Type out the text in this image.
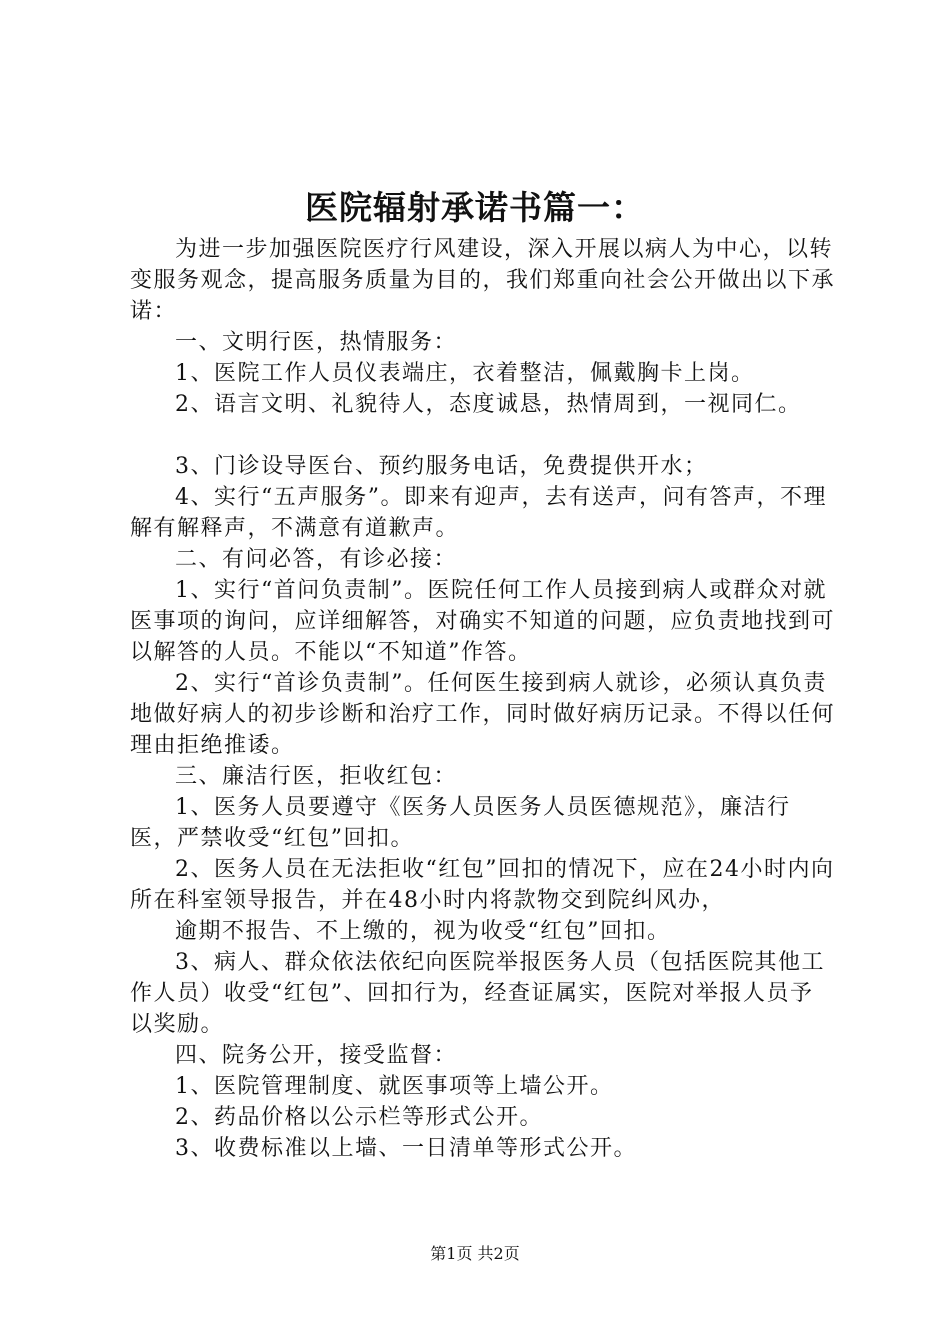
医院辐射承诺书篇一：

为进一步加强医院医疗行风建设，深入开展以病人为中心，以转变服务观念，提高服务质量为目的，我们郑重向社会公开做出以下承诺：

一、文明行医，热情服务：

1、医院工作人员仪表端庄，衣着整洁，佩戴胸卡上岗。

2、语言文明、礼貌待人，态度诚恳，热情周到，一视同仁。

3、门诊设导医台、预约服务电话，免费提供开水；

4、实行“五声服务”。即来有迎声，去有送声，问有答声，不理解有解释声，不满意有道歉声。

二、有问必答，有诊必接：

1、实行“首问负责制”。医院任何工作人员接到病人或群众对就医事项的询问，应详细解答，对确实不知道的问题，应负责地找到可以解答的人员。不能以“不知道”作答。

2、实行“首诊负责制”。任何医生接到病人就诊，必须认真负责地做好病人的初步诊断和治疗工作，同时做好病历记录。不得以任何理由拒绝推诿。

三、廉洁行医，拒收红包：

1、医务人员要遵守《医务人员医务人员医德规范》，廉洁行医，严禁收受“红包”回扣。

2、医务人员在无法拒收“红包”回扣的情况下，应在24小时内向所在科室领导报告，并在48小时内将款物交到院纠风办，

逾期不报告、不上缴的，视为收受“红包”回扣。

3、病人、群众依法依纪向医院举报医务人员（包括医院其他工作人员）收受“红包”、回扣行为，经查证属实，医院对举报人员予以奖励。

四、院务公开，接受监督：

1、医院管理制度、就医事项等上墙公开。

2、药品价格以公示栏等形式公开。

3、收费标准以上墙、一日清单等形式公开。

第1页 共2页
